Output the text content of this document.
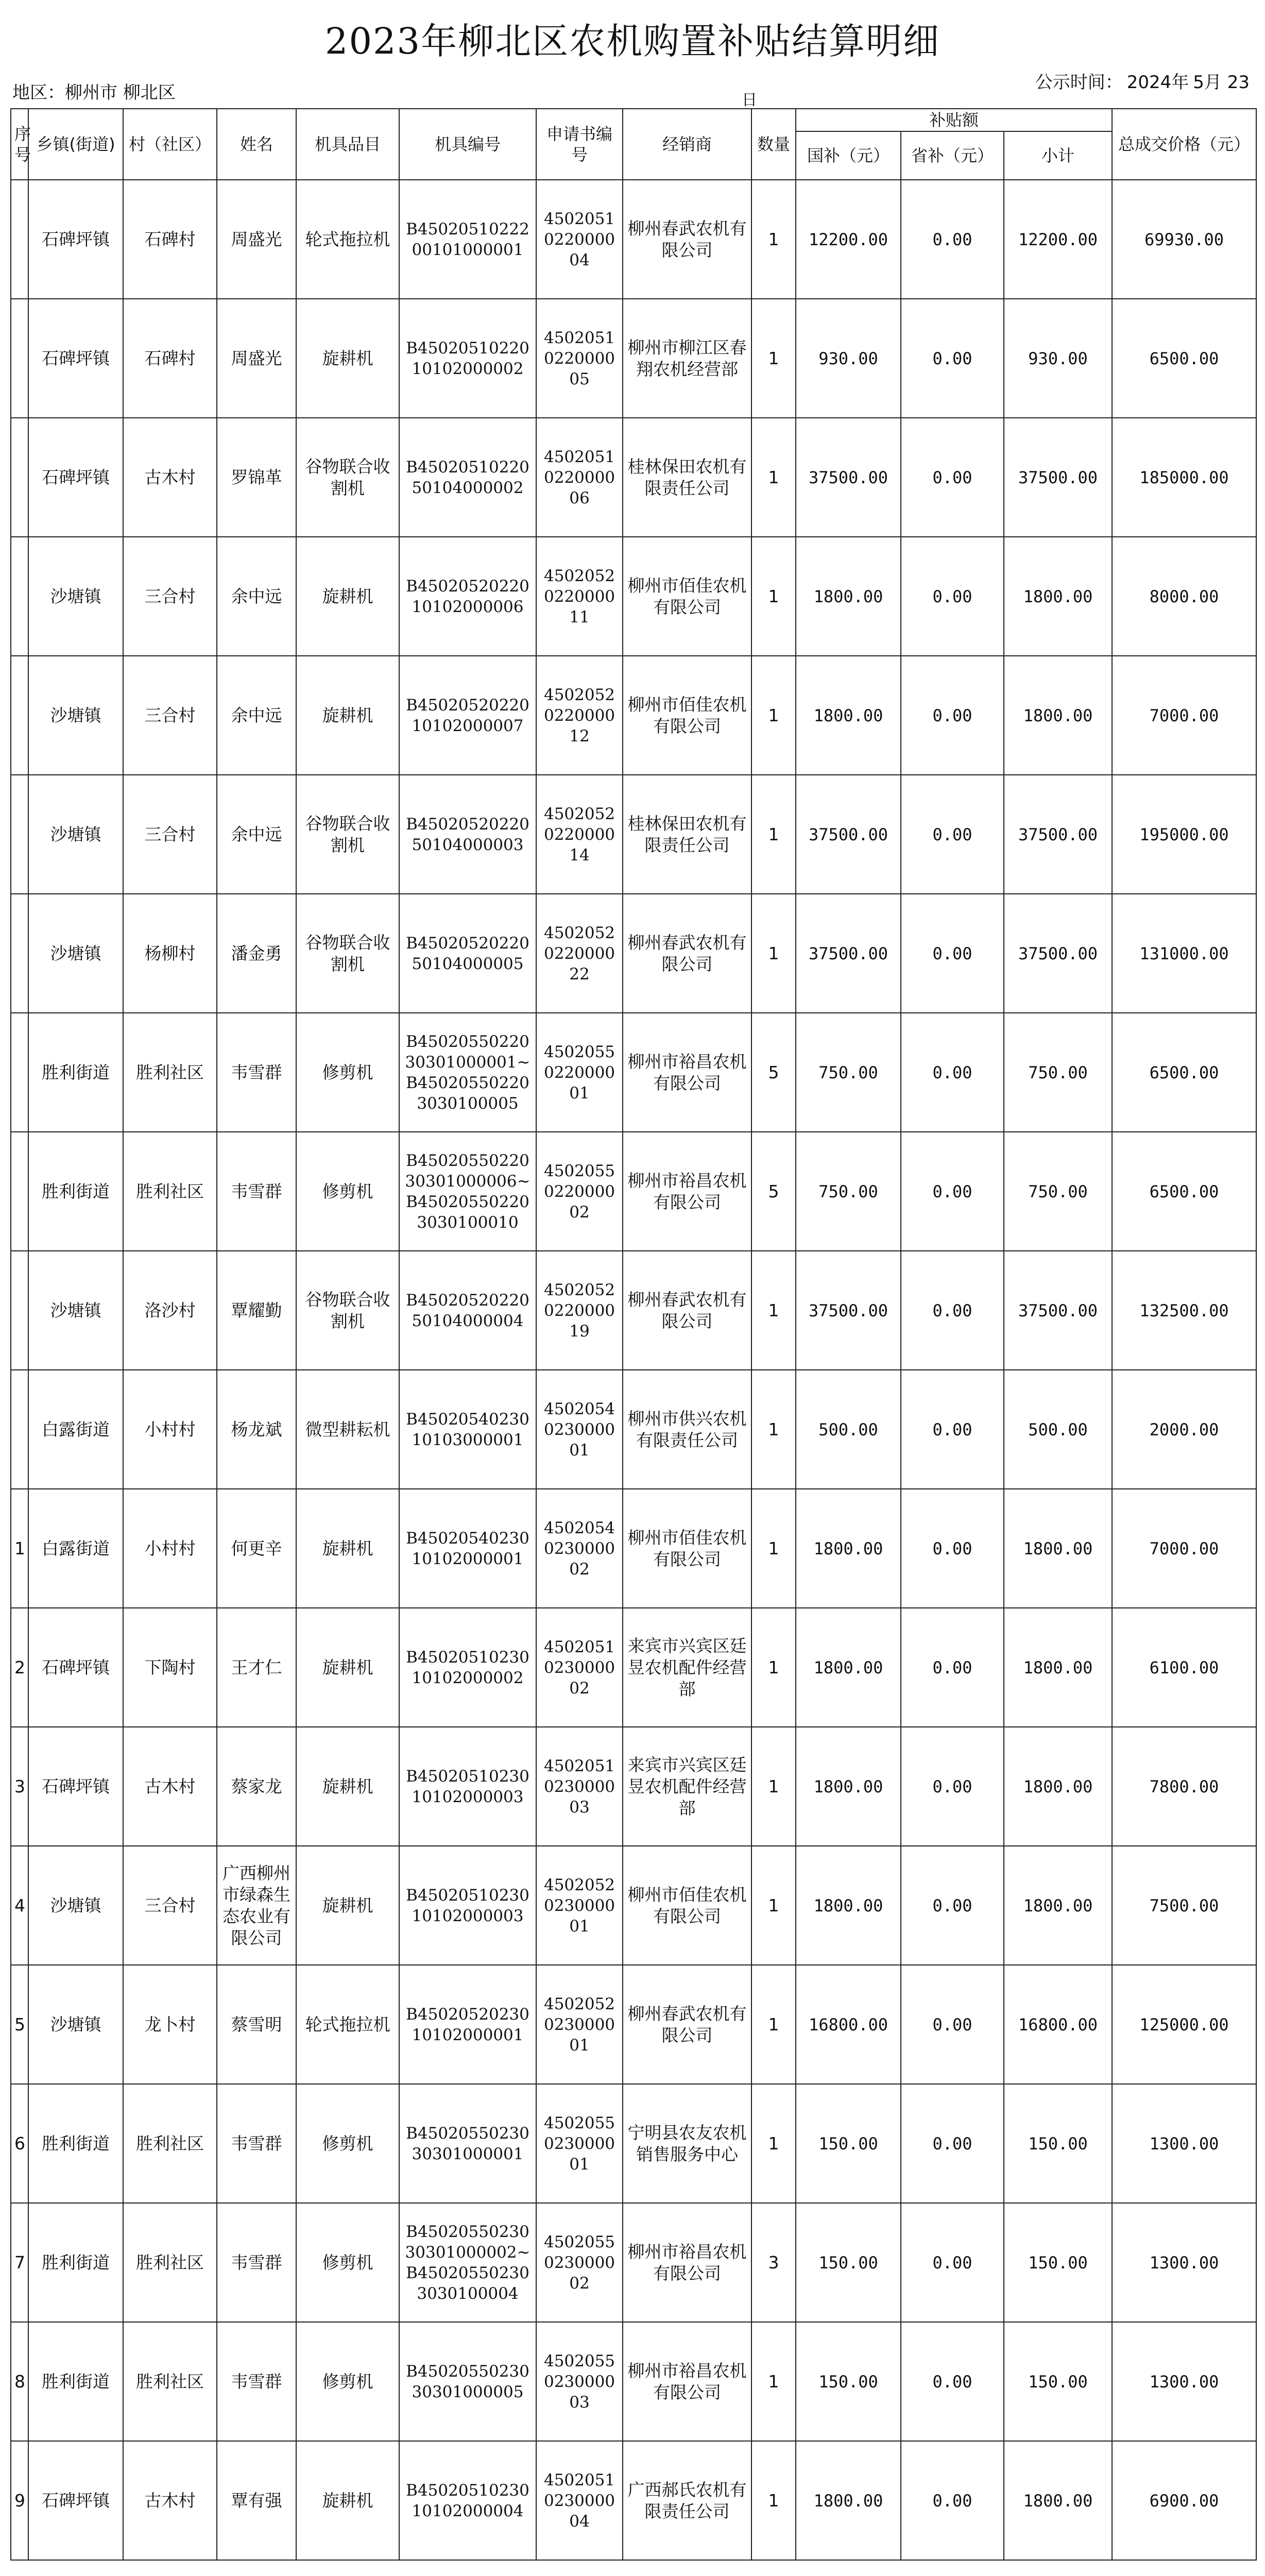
2023年柳北区农机购置补贴结算明细
地区：柳州市 柳北区	公示时间： 2024年 5月 23
日
序号	乡镇(街道)	村（社区）	姓名	机具品目	机具编号	申请书编号	经销商	数量	补贴额			总成交价格（元）
									国补（元）	省补（元）	小计	
	石碑坪镇	石碑村	周盛光	轮式拖拉机	B4502051022200101000001	4502051022000004	柳州春武农机有限公司	1	12200.00	0.00	12200.00	69930.00
	石碑坪镇	石碑村	周盛光	旋耕机	B4502051022010102000002	4502051022000005	柳州市柳江区春翔农机经营部	1	930.00	0.00	930.00	6500.00
	石碑坪镇	古木村	罗锦革	谷物联合收割机	B4502051022050104000002	4502051022000006	桂林保田农机有限责任公司	1	37500.00	0.00	37500.00	185000.00
	沙塘镇	三合村	余中远	旋耕机	B4502052022010102000006	4502052022000011	柳州市佰佳农机有限公司	1	1800.00	0.00	1800.00	8000.00
	沙塘镇	三合村	余中远	旋耕机	B4502052022010102000007	4502052022000012	柳州市佰佳农机有限公司	1	1800.00	0.00	1800.00	7000.00
	沙塘镇	三合村	余中远	谷物联合收割机	B4502052022050104000003	4502052022000014	桂林保田农机有限责任公司	1	37500.00	0.00	37500.00	195000.00
	沙塘镇	杨柳村	潘金勇	谷物联合收割机	B4502052022050104000005	4502052022000022	柳州春武农机有限公司	1	37500.00	0.00	37500.00	131000.00
	胜利街道	胜利社区	韦雪群	修剪机	B4502055022030301000001~B450205502203030100005	4502055022000001	柳州市裕昌农机有限公司	5	750.00	0.00	750.00	6500.00
	胜利街道	胜利社区	韦雪群	修剪机	B4502055022030301000006~B450205502203030100010	4502055022000002	柳州市裕昌农机有限公司	5	750.00	0.00	750.00	6500.00
	沙塘镇	洛沙村	覃耀勤	谷物联合收割机	B4502052022050104000004	4502052022000019	柳州春武农机有限公司	1	37500.00	0.00	37500.00	132500.00
	白露街道	小村村	杨龙斌	微型耕耘机	B4502054023010103000001	4502054023000001	柳州市供兴农机有限责任公司	1	500.00	0.00	500.00	2000.00
1	白露街道	小村村	何更辛	旋耕机	B4502054023010102000001	4502054023000002	柳州市佰佳农机有限公司	1	1800.00	0.00	1800.00	7000.00
2	石碑坪镇	下陶村	王才仁	旋耕机	B4502051023010102000002	4502051023000002	来宾市兴宾区廷昱农机配件经营部	1	1800.00	0.00	1800.00	6100.00
3	石碑坪镇	古木村	蔡家龙	旋耕机	B4502051023010102000003	4502051023000003	来宾市兴宾区廷昱农机配件经营部	1	1800.00	0.00	1800.00	7800.00
4	沙塘镇	三合村	广西柳州市绿森生态农业有限公司	旋耕机	B4502051023010102000003	4502052023000001	柳州市佰佳农机有限公司	1	1800.00	0.00	1800.00	7500.00
5	沙塘镇	龙卜村	蔡雪明	轮式拖拉机	B4502052023010102000001	4502052023000001	柳州春武农机有限公司	1	16800.00	0.00	16800.00	125000.00
6	胜利街道	胜利社区	韦雪群	修剪机	B4502055023030301000001	4502055023000001	宁明县农友农机销售服务中心	1	150.00	0.00	150.00	1300.00
7	胜利街道	胜利社区	韦雪群	修剪机	B4502055023030301000002~B450205502303030100004	4502055023000002	柳州市裕昌农机有限公司	3	150.00	0.00	150.00	1300.00
8	胜利街道	胜利社区	韦雪群	修剪机	B4502055023030301000005	4502055023000003	柳州市裕昌农机有限公司	1	150.00	0.00	150.00	1300.00
9	石碑坪镇	古木村	覃有强	旋耕机	B4502051023010102000004	4502051023000004	广西郝氏农机有限责任公司	1	1800.00	0.00	1800.00	6900.00
